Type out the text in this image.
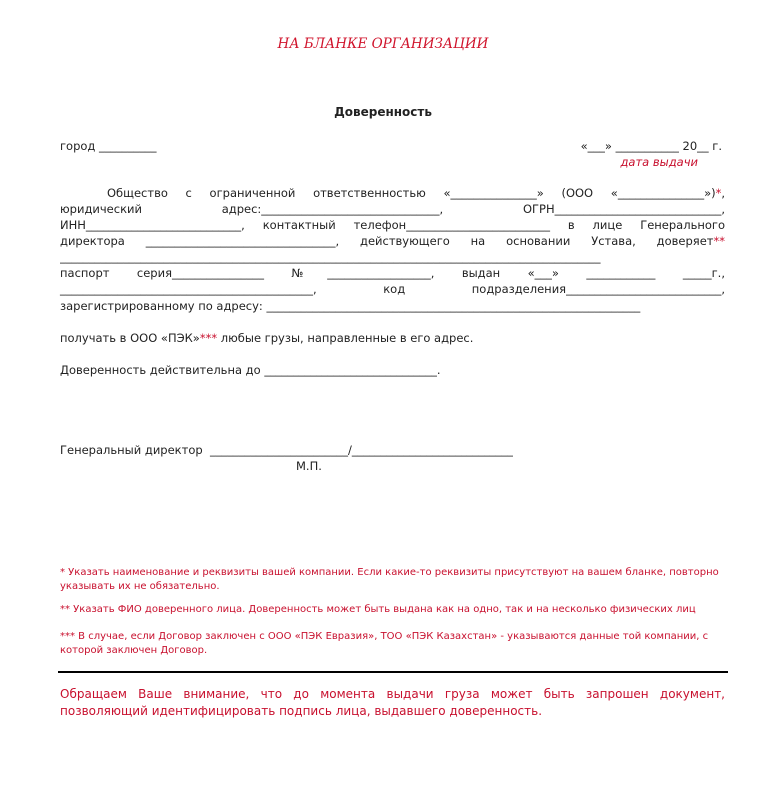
НА БЛАНКЕ ОРГАНИЗАЦИИ
Доверенность
город __________	«___» ___________ 20__ г.
дата выдачи
Общество с ограниченной ответственностью «_______________» (ООО «_______________»)*,
юридический адрес:_______________________________, ОГРН_____________________________,
ИНН___________________________, контактный телефон_________________________ в лице Генерального
директора _________________________________, действующего на основании Устава, доверяет**
______________________________________________________________________________________________
паспорт серия________________ №__________________, выдан «___» ____________ _____г.,
____________________________________________, код подразделения___________________________,
зарегистрированному по адресу: _________________________________________________________________
получать в ООО «ПЭК»*** любые грузы, направленные в его адрес.
Доверенность действительна до ______________________________.
Генеральный директор  ________________________/____________________________
М.П.
* Указать наименование и реквизиты вашей компании. Если какие-то реквизиты присутствуют на вашем бланке, повторно указывать их не обязательно.
** Указать ФИО доверенного лица. Доверенность может быть выдана как на одно, так и на несколько физических лиц
*** В случае, если Договор заключен с ООО «ПЭК Евразия», ТОО «ПЭК Казахстан» - указываются данные той компании, с которой заключен Договор.
Обращаем Ваше внимание, что до момента выдачи груза может быть запрошен документ, позволяющий идентифицировать подпись лица, выдавшего доверенность.
